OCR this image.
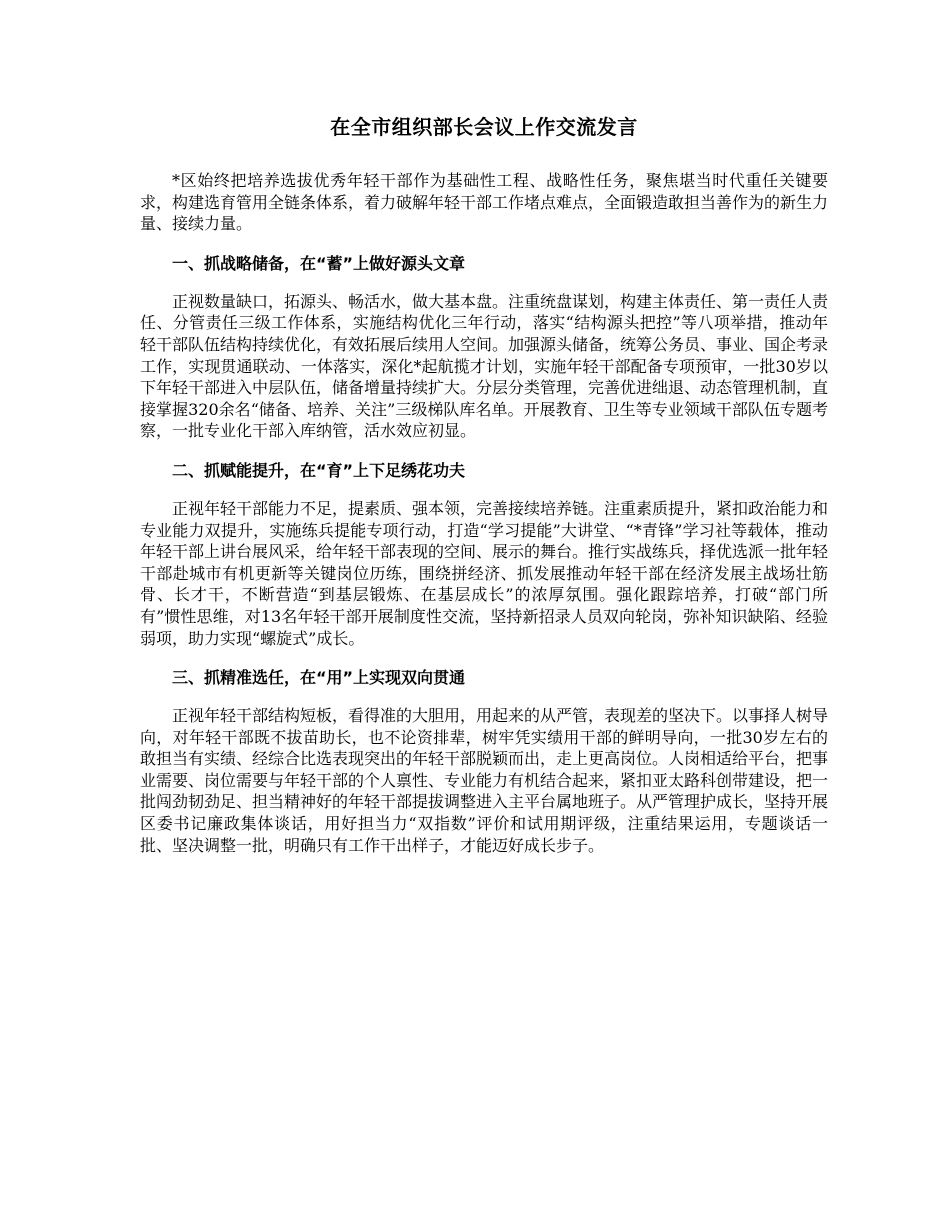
在全市组织部长会议上作交流发言

*区始终把培养选拔优秀年轻干部作为基础性工程、战略性任务，聚焦堪当时代重任关键要求，构建选育管用全链条体系，着力破解年轻干部工作堵点难点，全面锻造敢担当善作为的新生力量、接续力量。

一、抓战略储备，在“蓄”上做好源头文章

正视数量缺口，拓源头、畅活水，做大基本盘。注重统盘谋划，构建主体责任、第一责任人责任、分管责任三级工作体系，实施结构优化三年行动，落实“结构源头把控”等八项举措，推动年轻干部队伍结构持续优化，有效拓展后续用人空间。加强源头储备，统筹公务员、事业、国企考录工作，实现贯通联动、一体落实，深化*起航揽才计划，实施年轻干部配备专项预审，一批30岁以下年轻干部进入中层队伍，储备增量持续扩大。分层分类管理，完善优进绌退、动态管理机制，直接掌握320余名“储备、培养、关注”三级梯队库名单。开展教育、卫生等专业领域干部队伍专题考察，一批专业化干部入库纳管，活水效应初显。

二、抓赋能提升，在“育”上下足绣花功夫

正视年轻干部能力不足，提素质、强本领，完善接续培养链。注重素质提升，紧扣政治能力和专业能力双提升，实施练兵提能专项行动，打造“学习提能”大讲堂、“*青锋”学习社等载体，推动年轻干部上讲台展风采，给年轻干部表现的空间、展示的舞台。推行实战练兵，择优选派一批年轻干部赴城市有机更新等关键岗位历练，围绕拼经济、抓发展推动年轻干部在经济发展主战场壮筋骨、长才干，不断营造“到基层锻炼、在基层成长”的浓厚氛围。强化跟踪培养，打破“部门所有”惯性思维，对13名年轻干部开展制度性交流，坚持新招录人员双向轮岗，弥补知识缺陷、经验弱项，助力实现“螺旋式”成长。

三、抓精准选任，在“用”上实现双向贯通

正视年轻干部结构短板，看得准的大胆用，用起来的从严管，表现差的坚决下。以事择人树导向，对年轻干部既不拔苗助长，也不论资排辈，树牢凭实绩用干部的鲜明导向，一批30岁左右的敢担当有实绩、经综合比选表现突出的年轻干部脱颖而出，走上更高岗位。人岗相适给平台，把事业需要、岗位需要与年轻干部的个人禀性、专业能力有机结合起来，紧扣亚太路科创带建设，把一批闯劲韧劲足、担当精神好的年轻干部提拔调整进入主平台属地班子。从严管理护成长，坚持开展区委书记廉政集体谈话，用好担当力“双指数”评价和试用期评级，注重结果运用，专题谈话一批、坚决调整一批，明确只有工作干出样子，才能迈好成长步子。
